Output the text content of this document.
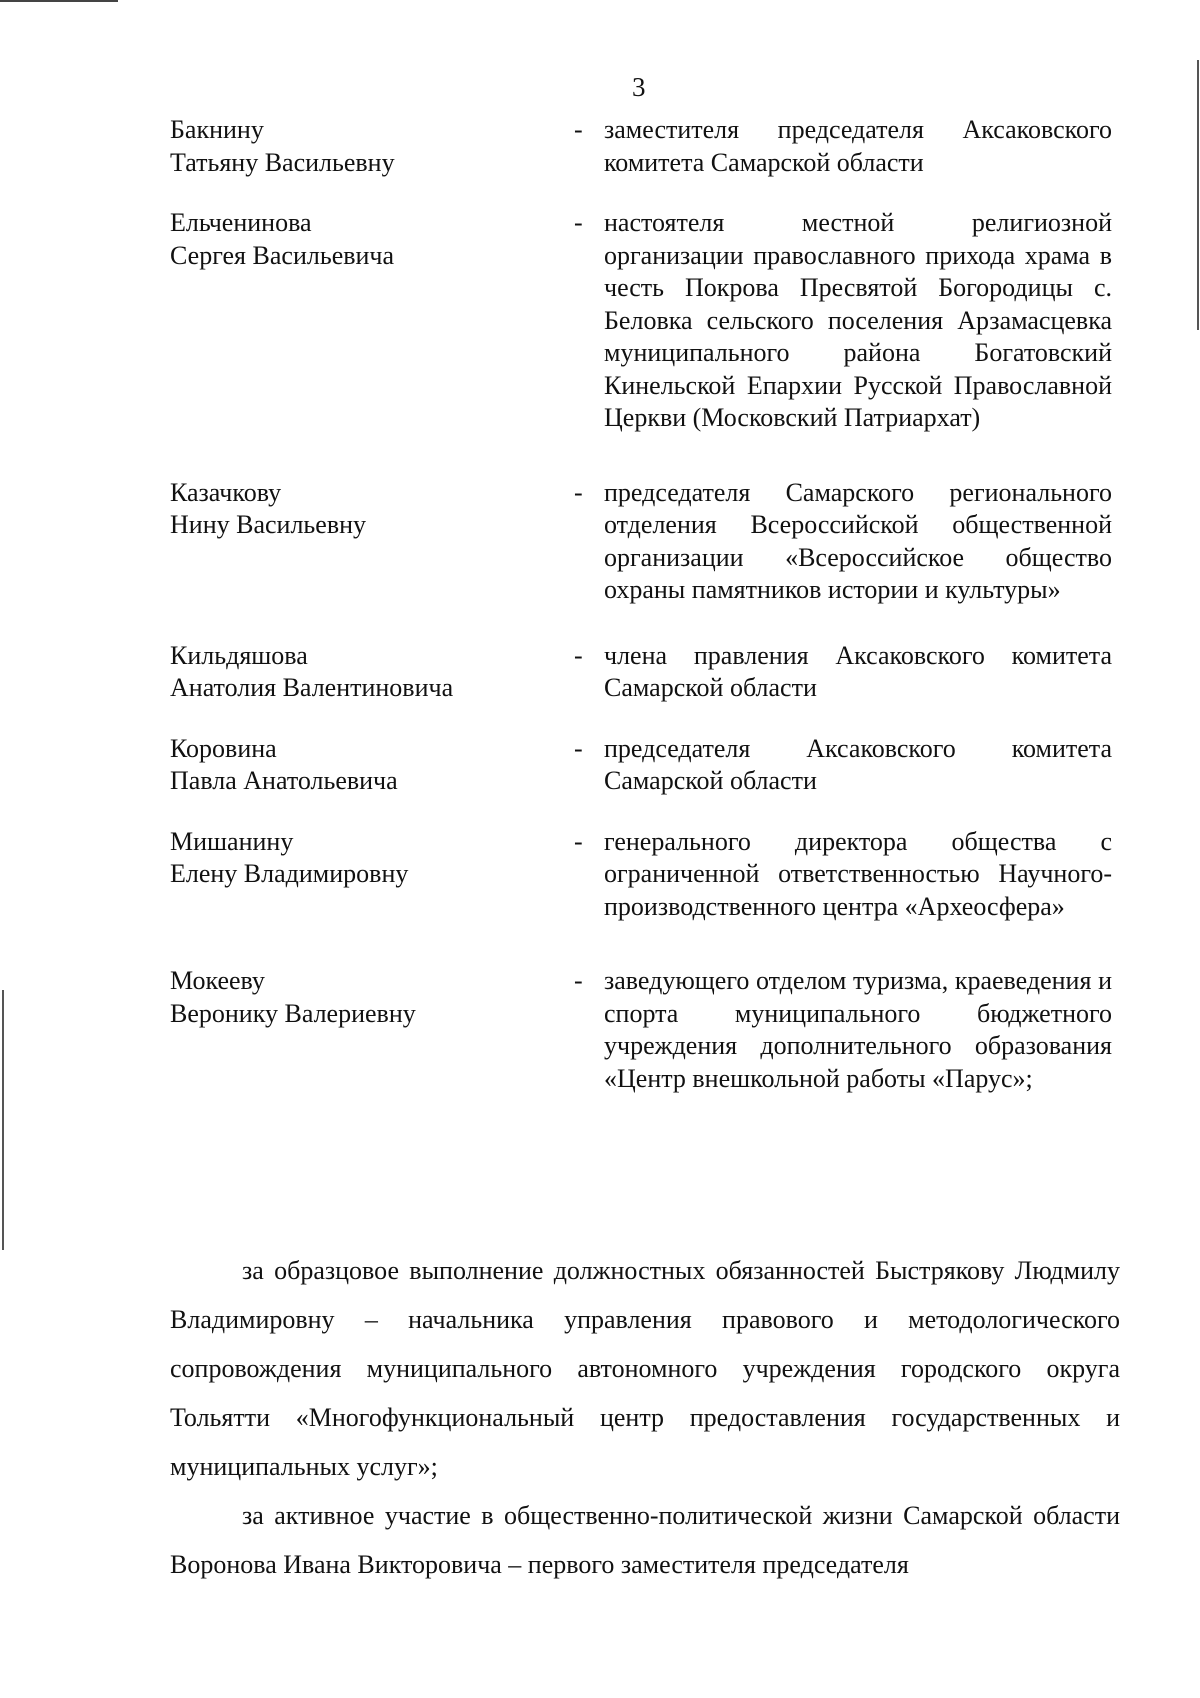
3
Бакнину
Татьяну Васильевну
- заместителя председателя Аксаковского комитета Самарской области
Ельченинова
Сергея Васильевича
- настоятеля местной религиозной организации православного прихода храма в честь Покрова Пресвятой Богородицы с. Беловка сельского поселения Арзамасцевка муниципального района Богатовский Кинельской Епархии Русской Православной Церкви (Московский Патриархат)
Казачкову
Нину Васильевну
- председателя Самарского регионального отделения Всероссийской общественной организации «Всероссийское общество охраны памятников истории и культуры»
Кильдяшова
Анатолия Валентиновича
- члена правления Аксаковского комитета Самарской области
Коровина
Павла Анатольевича
- председателя Аксаковского комитета Самарской области
Мишанину
Елену Владимировну
- генерального директора общества с ограниченной ответственностью Научного-производственного центра «Археосфера»
Мокееву
Веронику Валериевну
- заведующего отделом туризма, краеведения и спорта муниципального бюджетного учреждения дополнительного образования «Центр внешкольной работы «Парус»;

за образцовое выполнение должностных обязанностей Быстрякову Людмилу Владимировну – начальника управления правового и методологического сопровождения муниципального автономного учреждения городского округа Тольятти «Многофункциональный центр предоставления государственных и муниципальных услуг»;

за активное участие в общественно-политической жизни Самарской области Воронова Ивана Викторовича – первого заместителя председателя
